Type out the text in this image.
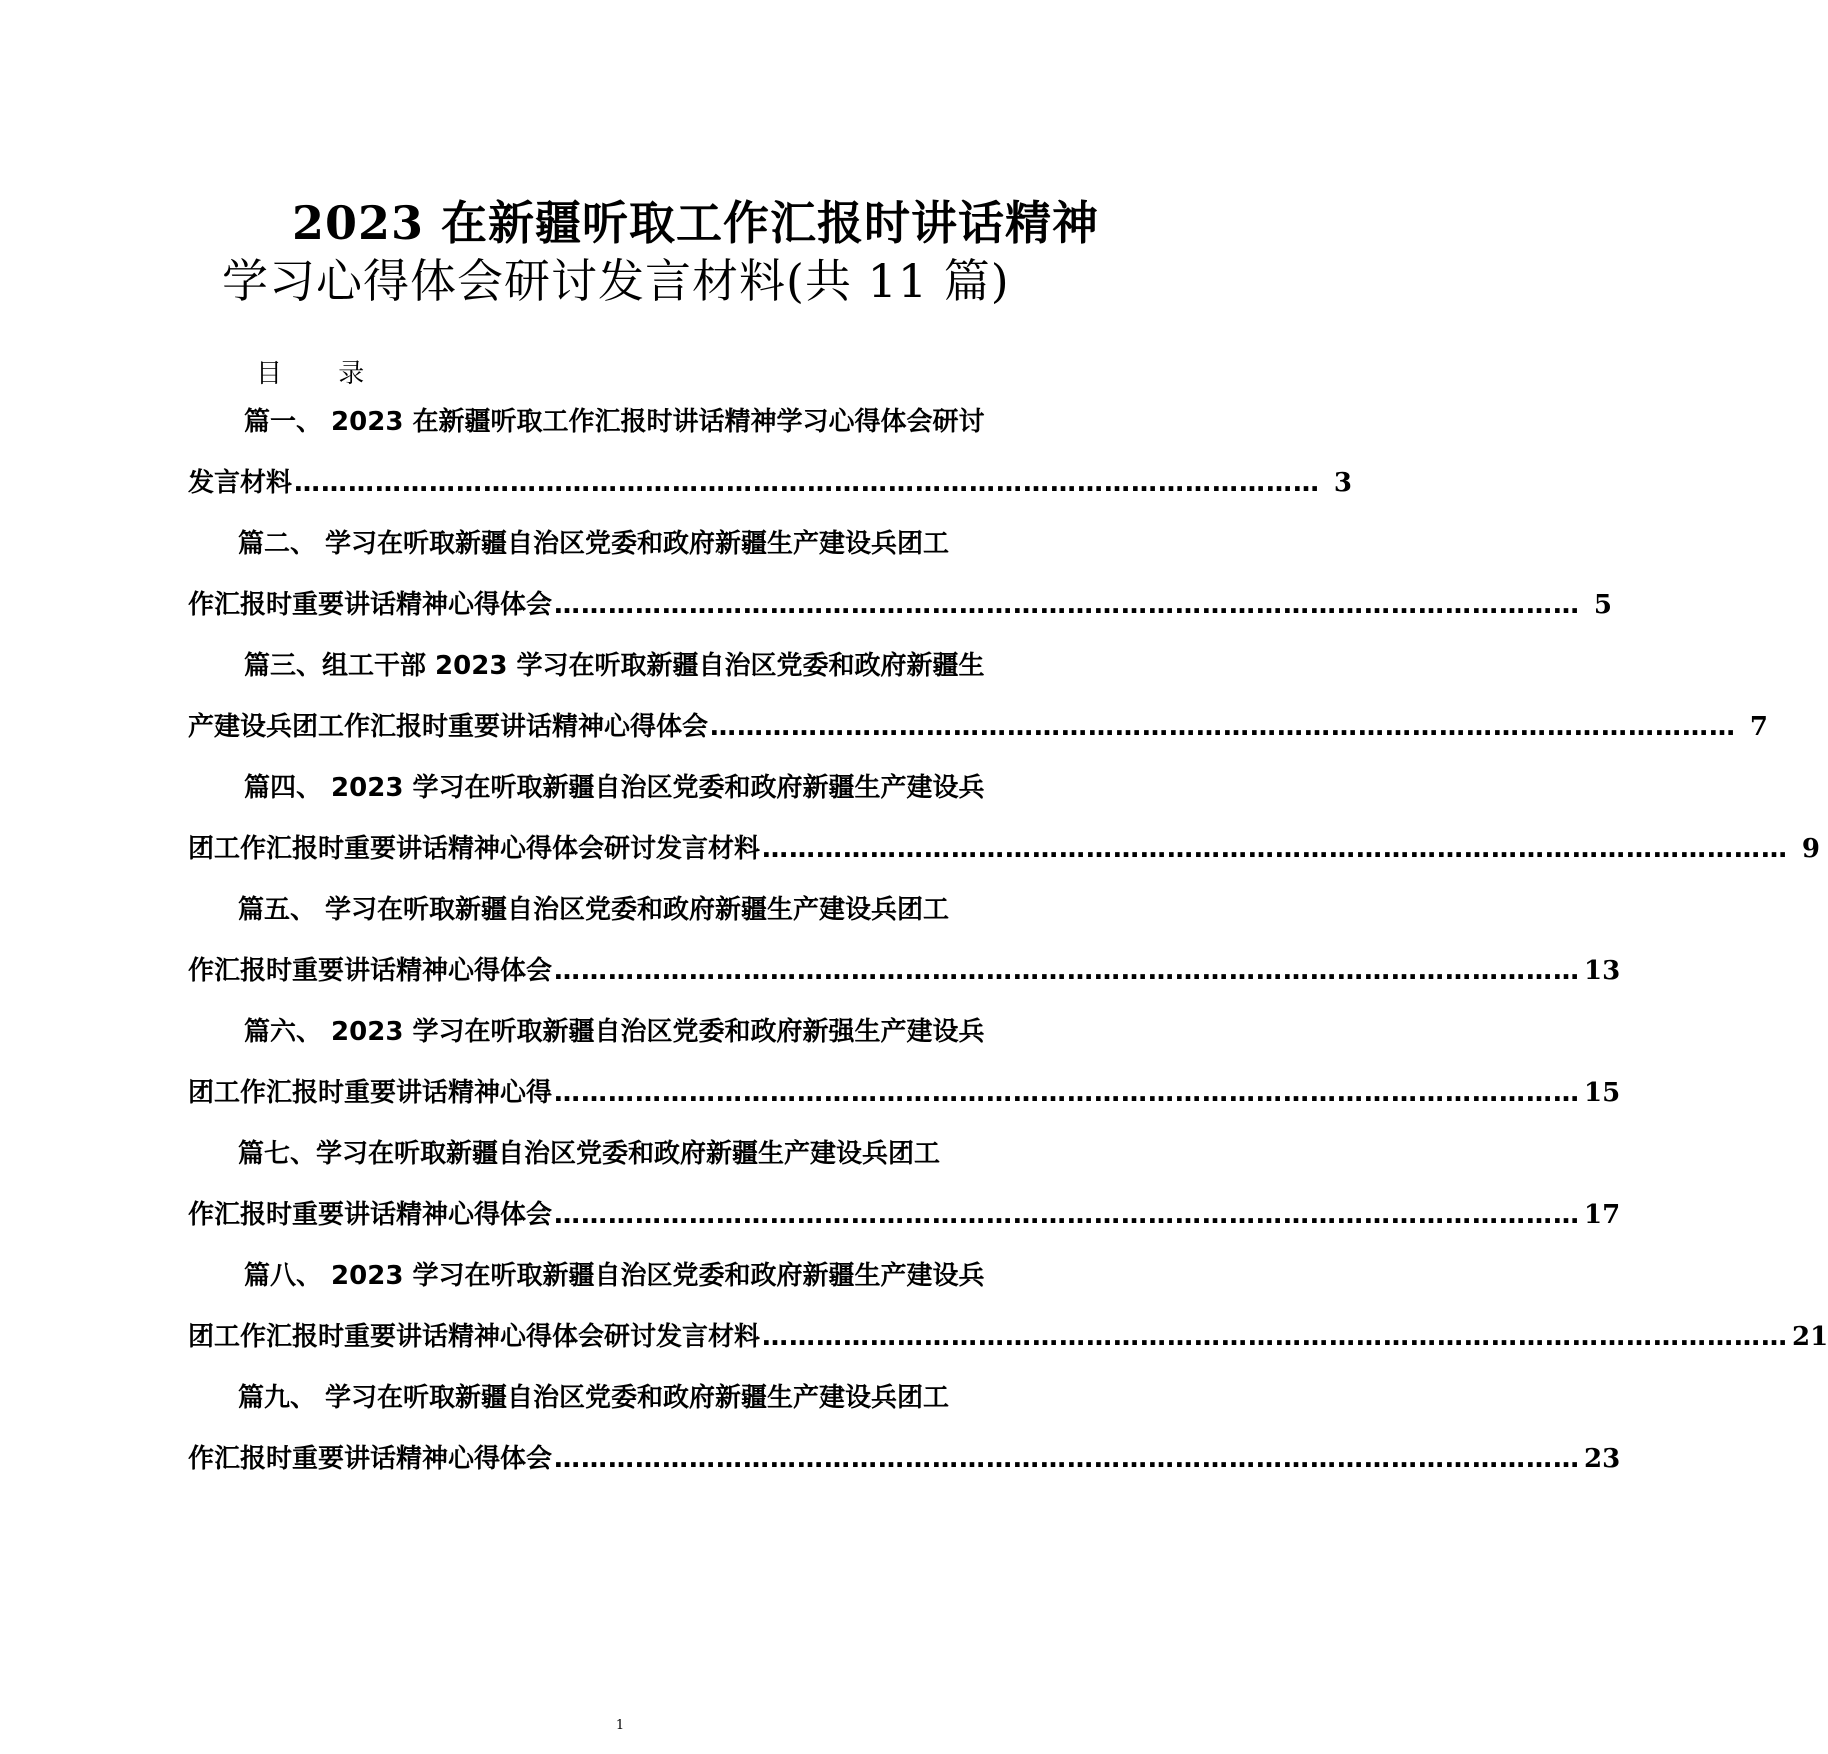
2023 在新疆听取工作汇报时讲话精神
学习心得体会研讨发言材料(共 11 篇)
目 录
篇一、 2023 在新疆听取工作汇报时讲话精神学习心得体会研讨
发言材料 …………………………………………………………………………………………………… 3
篇二、 学习在听取新疆自治区党委和政府新疆生产建设兵团工
作汇报时重要讲话精神心得体会 …………………………………………………………………………………………………… 5
篇三、组工干部 2023 学习在听取新疆自治区党委和政府新疆生
产建设兵团工作汇报时重要讲话精神心得体会 …………………………………………………………………………………………………… 7
篇四、 2023 学习在听取新疆自治区党委和政府新疆生产建设兵
团工作汇报时重要讲话精神心得体会研讨发言材料 …………………………………………………………………………………………………… 9
篇五、 学习在听取新疆自治区党委和政府新疆生产建设兵团工
作汇报时重要讲话精神心得体会 …………………………………………………………………………………………………… 13
篇六、 2023 学习在听取新疆自治区党委和政府新强生产建设兵
团工作汇报时重要讲话精神心得 …………………………………………………………………………………………………… 15
篇七、学习在听取新疆自治区党委和政府新疆生产建设兵团工
作汇报时重要讲话精神心得体会 …………………………………………………………………………………………………… 17
篇八、 2023 学习在听取新疆自治区党委和政府新疆生产建设兵
团工作汇报时重要讲话精神心得体会研讨发言材料 …………………………………………………………………………………………………… 21
篇九、 学习在听取新疆自治区党委和政府新疆生产建设兵团工
作汇报时重要讲话精神心得体会 …………………………………………………………………………………………………… 23
1
